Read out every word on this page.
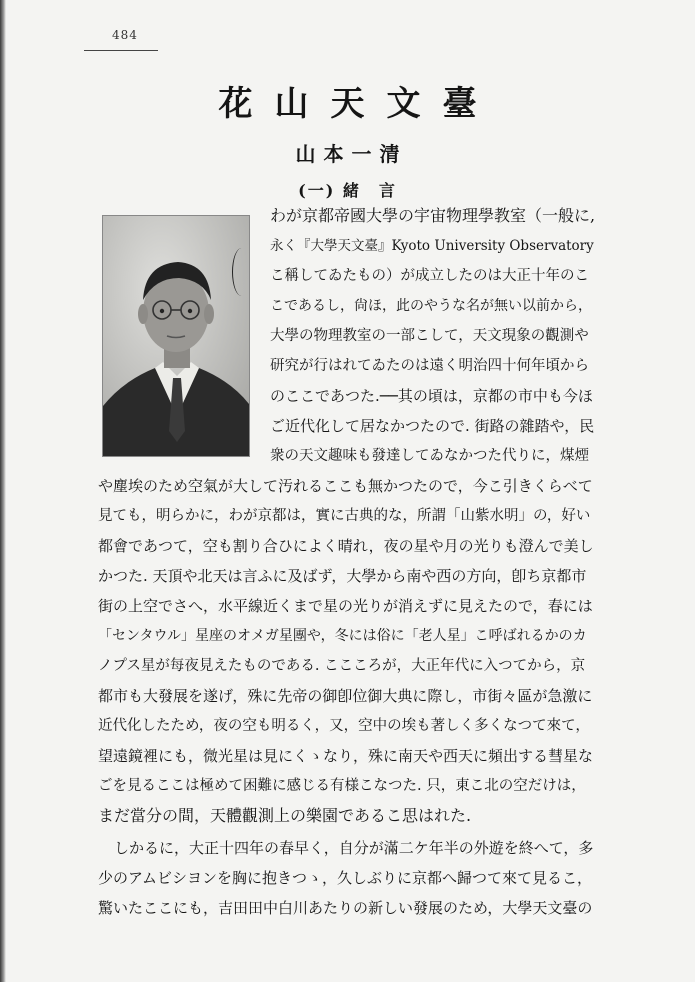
484
花山天文臺
山本一清
(一) 緒　言
わが京都帝國大學の宇宙物理學教室（一般に,
永く『大學天文臺』Kyoto University Observatory
こ稱してゐたもの）が成立したのは大正十年のこ
こであるし，尙ほ，此のやうな名が無い以前から，
大學の物理教室の一部こして，天文現象の觀測や
研究が行はれてゐたのは遠く明治四十何年頃から
のここであつた.──其の頃は，京都の市中も今ほ
ご近代化して居なかつたので. 街路の雜踏や，民
衆の天文趣味も發達してゐなかつた代りに，煤煙
や塵埃のため空氣が大して汚れるここも無かつたので，今こ引きくらべて
見ても，明らかに，わが京都は，實に古典的な，所謂「山紫水明」の，好い
都會であつて，空も割り合ひによく晴れ，夜の星や月の光りも澄んで美し
かつた. 天頂や北天は言ふに及ばず，大學から南や西の方向，卽ち京都市
街の上空でさへ，水平線近くまで星の光りが消えずに見えたので，春には
「センタウル」星座のオメガ星團や，冬には俗に「老人星」こ呼ばれるかのカ
ノプス星が每夜見えたものである. ここころが，大正年代に入つてから，京
都市も大發展を遂げ，殊に先帝の御卽位御大典に際し，市街々區が急激に
近代化したため，夜の空も明るく，又，空中の埃も著しく多くなつて來て，
望遠鏡裡にも，微光星は見にくゝなり，殊に南天や西天に頻出する彗星な
ごを見るここは極めて困難に感じる有様こなつた. 只，東こ北の空だけは，
まだ當分の間，天體觀測上の樂園であるこ思はれた.
しかるに，大正十四年の春早く，自分が滿二ケ年半の外遊を終へて，多
少のアムビシヨンを胸に抱きつゝ，久しぶりに京都へ歸つて來て見るこ，
驚いたここにも，吉田田中白川あたりの新しい發展のため，大學天文臺の
